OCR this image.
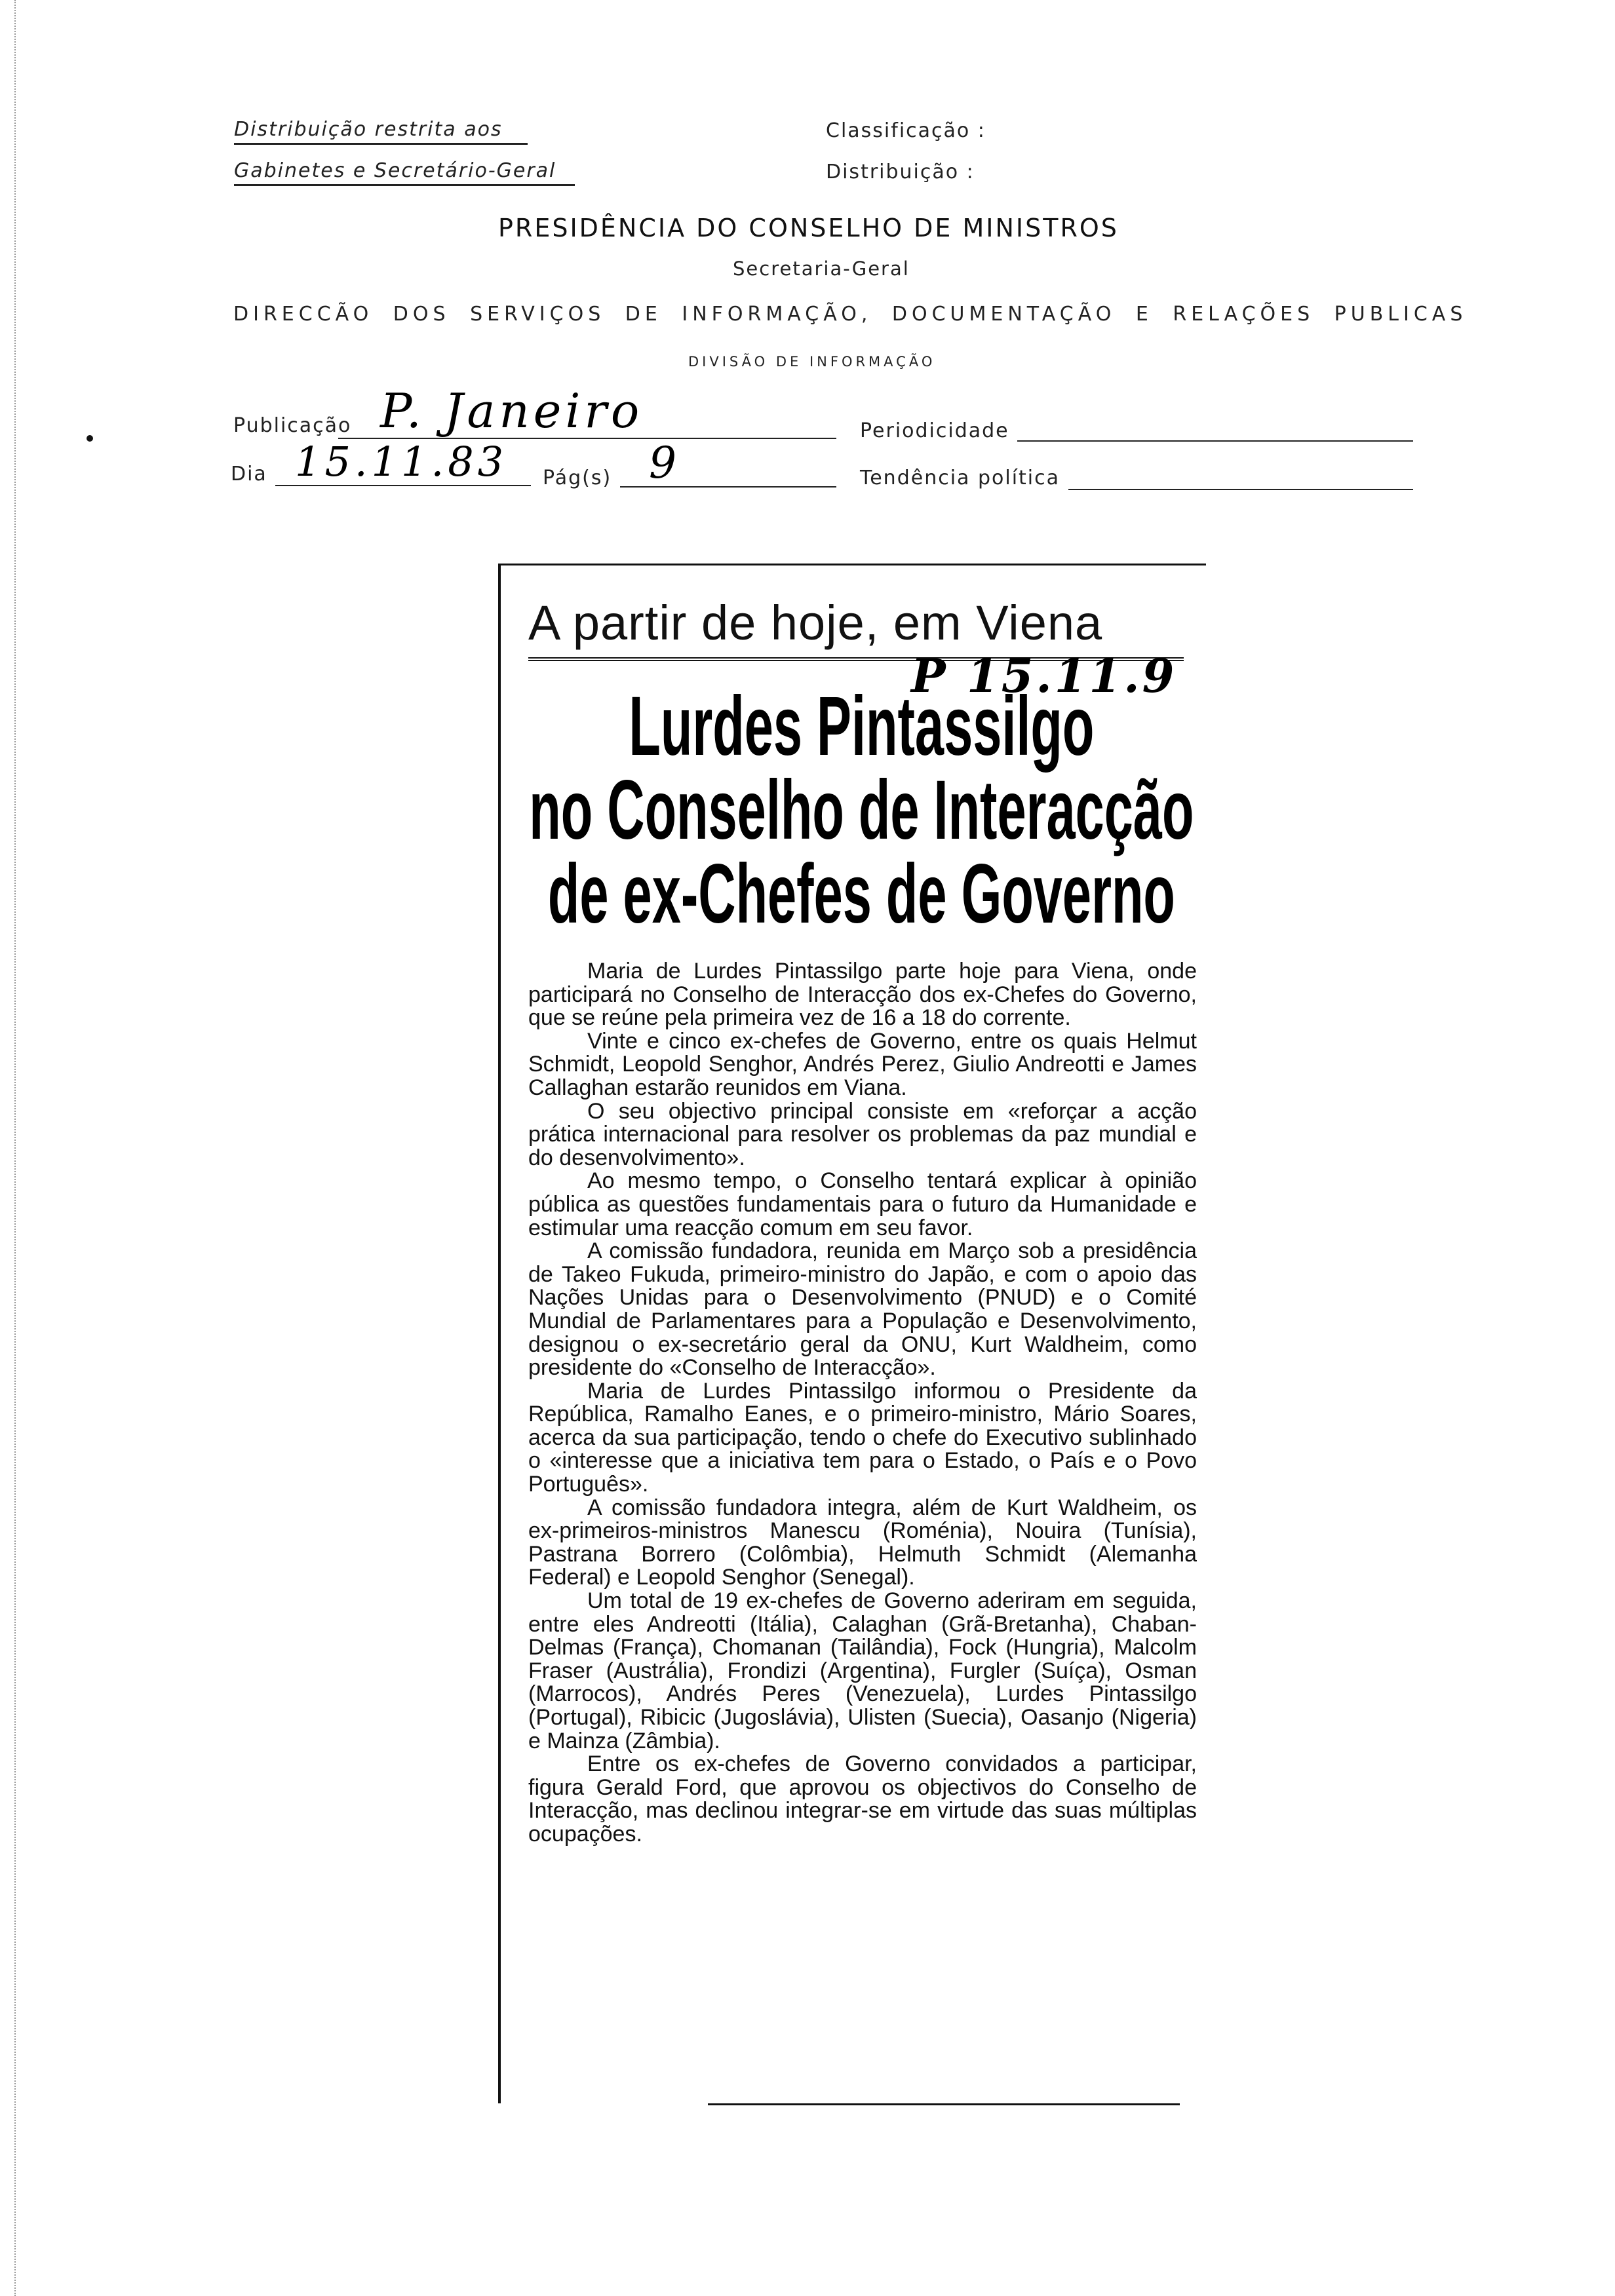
Distribuição restrita aos
Gabinetes e Secretário-Geral
Classificação :
Distribuição :
PRESIDÊNCIA DO CONSELHO DE MINISTROS
Secretaria-Geral
DIRECCÃO DOS SERVIÇOS DE INFORMAÇÃO, DOCUMENTAÇÃO E RELAÇÕES PUBLICAS
DIVISÃO DE INFORMAÇÃO
Publicação P. Janeiro	Periodicidade
Dia 15.11.83 Pág(s) 9	Tendência política
A partir de hoje, em Viena
P 15.11.9
Lurdes Pintassilgo
no Conselho de Interacção
de ex-Chefes de Governo

Maria de Lurdes Pintassilgo parte hoje para Viena, onde participará no Conselho de Interacção dos ex-Chefes do Governo, que se reúne pela primeira vez de 16 a 18 do corrente.

Vinte e cinco ex-chefes de Governo, entre os quais Helmut Schmidt, Leopold Senghor, Andrés Perez, Giulio Andreotti e James Callaghan estarão reunidos em Viana.

O seu objectivo principal consiste em «reforçar a acção prática internacional para resolver os problemas da paz mundial e do desenvolvimento».

Ao mesmo tempo, o Conselho tentará explicar à opinião pública as questões fundamentais para o futuro da Humanidade e estimular uma reacção comum em seu favor.

A comissão fundadora, reunida em Março sob a presidência de Takeo Fukuda, primeiro-ministro do Japão, e com o apoio das Nações Unidas para o Desenvolvimento (PNUD) e o Comité Mundial de Parlamentares para a População e Desenvolvimento, designou o ex-secretário geral da ONU, Kurt Waldheim, como presidente do «Conselho de Interacção».

Maria de Lurdes Pintassilgo informou o Presidente da República, Ramalho Eanes, e o primeiro-ministro, Mário Soares, acerca da sua participação, tendo o chefe do Executivo sublinhado o «interesse que a iniciativa tem para o Estado, o País e o Povo Português».

A comissão fundadora integra, além de Kurt Waldheim, os ex-primeiros-ministros Manescu (Roménia), Nouira (Tunísia), Pastrana Borrero (Colômbia), Helmuth Schmidt (Alemanha Federal) e Leopold Senghor (Senegal).

Um total de 19 ex-chefes de Governo aderiram em seguida, entre eles Andreotti (Itália), Calaghan (Grã-Bretanha), Chaban-Delmas (França), Chomanan (Tailândia), Fock (Hungria), Malcolm Fraser (Austrália), Frondizi (Argentina), Furgler (Suíça), Osman (Marrocos), Andrés Peres (Venezuela), Lurdes Pintassilgo (Portugal), Ribicic (Jugoslávia), Ulisten (Suecia), Oasanjo (Nigeria) e Mainza (Zâmbia).

Entre os ex-chefes de Governo convidados a participar, figura Gerald Ford, que aprovou os objectivos do Conselho de Interacção, mas declinou integrar-se em virtude das suas múltiplas ocupações.
